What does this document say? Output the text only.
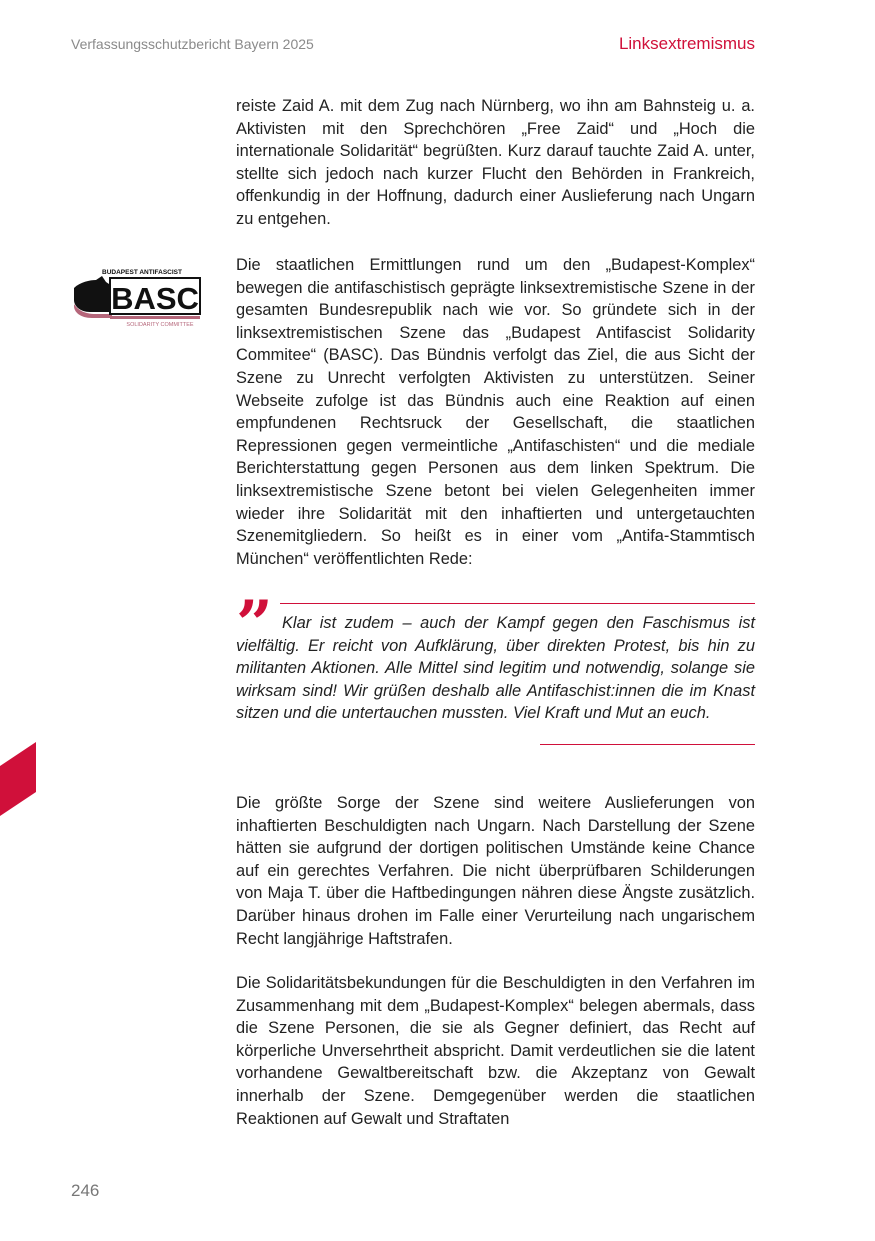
Verfassungsschutzbericht Bayern 2025	Linksextremismus

reiste Zaid A. mit dem Zug nach Nürnberg, wo ihn am Bahnsteig u. a. Aktivisten mit den Sprechchören „Free Zaid“ und „Hoch die internationale Solidarität“ begrüßten. Kurz darauf tauchte Zaid A. unter, stellte sich jedoch nach kurzer Flucht den Behörden in Frankreich, offenkundig in der Hoffnung, dadurch einer Auslieferung nach Ungarn zu entgehen.

BUDAPEST ANTIFASCIST
BASC
SOLIDARITY COMMITTEE

Die staatlichen Ermittlungen rund um den „Budapest-Komplex“ bewegen die antifaschistisch geprägte linksextremistische Szene in der gesamten Bundesrepublik nach wie vor. So gründete sich in der linksextremistischen Szene das „Budapest Antifascist Solidarity Commitee“ (BASC). Das Bündnis verfolgt das Ziel, die aus Sicht der Szene zu Unrecht verfolgten Aktivisten zu unterstützen. Seiner Webseite zufolge ist das Bündnis auch eine Reaktion auf einen empfundenen Rechtsruck der Gesellschaft, die staatlichen Repressionen gegen vermeintliche „Antifaschisten“ und die mediale Berichterstattung gegen Personen aus dem linken Spektrum. Die linksextremistische Szene betont bei vielen Gelegenheiten immer wieder ihre Solidarität mit den inhaftierten und untergetauchten Szenemitgliedern. So heißt es in einer vom „Antifa-Stammtisch München“ veröffentlichten Rede:

” Klar ist zudem – auch der Kampf gegen den Faschismus ist vielfältig. Er reicht von Aufklärung, über direkten Protest, bis hin zu militanten Aktionen. Alle Mittel sind legitim und notwendig, solange sie wirksam sind! Wir grüßen deshalb alle Antifaschist:innen die im Knast sitzen und die untertauchen mussten. Viel Kraft und Mut an euch.

Die größte Sorge der Szene sind weitere Auslieferungen von inhaftierten Beschuldigten nach Ungarn. Nach Darstellung der Szene hätten sie aufgrund der dortigen politischen Umstände keine Chance auf ein gerechtes Verfahren. Die nicht überprüfbaren Schilderungen von Maja T. über die Haftbedingungen nähren diese Ängste zusätzlich. Darüber hinaus drohen im Falle einer Verurteilung nach ungarischem Recht langjährige Haftstrafen.

Die Solidaritätsbekundungen für die Beschuldigten in den Verfahren im Zusammenhang mit dem „Budapest-Komplex“ belegen abermals, dass die Szene Personen, die sie als Gegner definiert, das Recht auf körperliche Unversehrtheit abspricht. Damit verdeutlichen sie die latent vorhandene Gewaltbereitschaft bzw. die Akzeptanz von Gewalt innerhalb der Szene. Demgegenüber werden die staatlichen Reaktionen auf Gewalt und Straftaten

246
